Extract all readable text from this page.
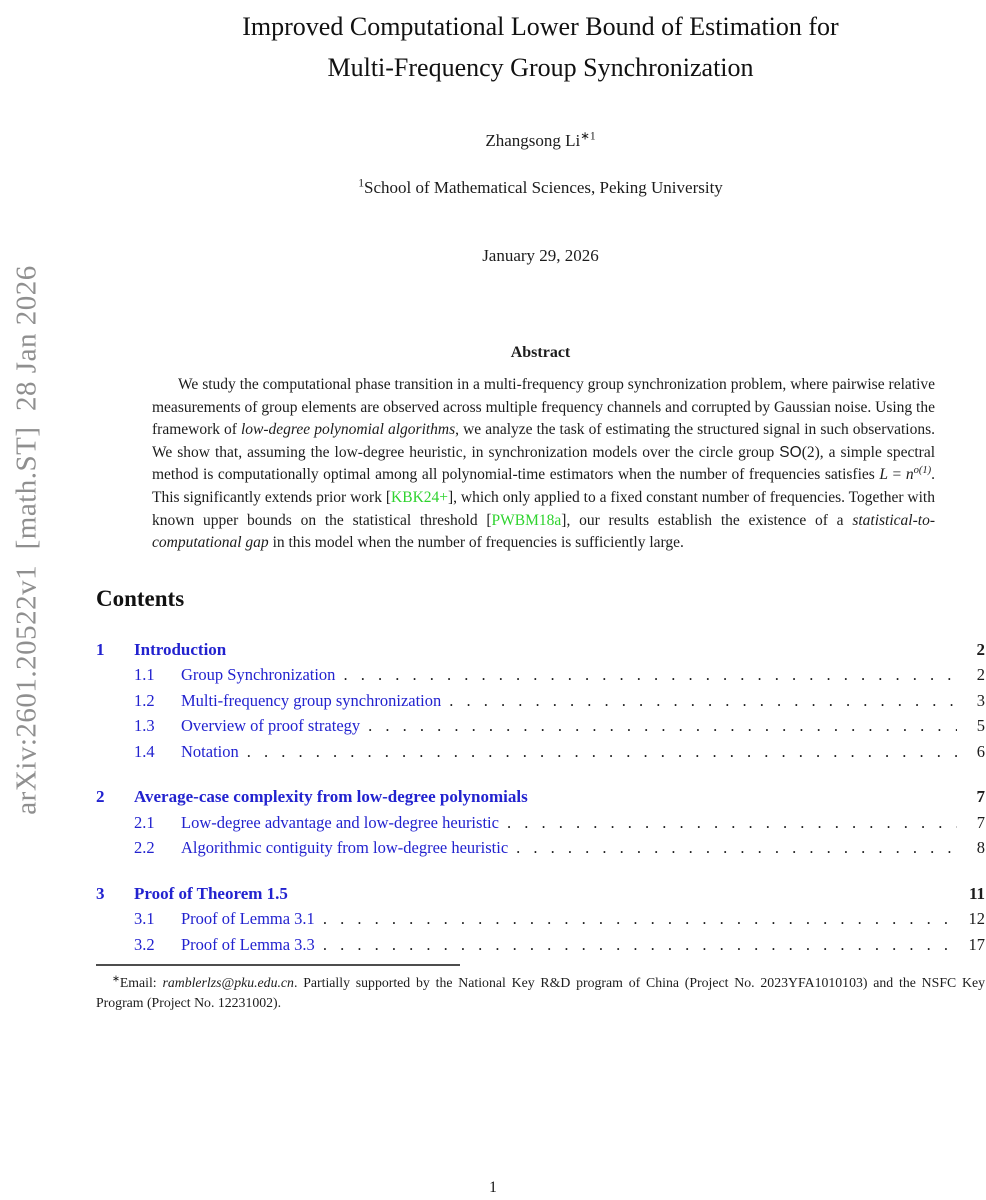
arXiv:2601.20522v1  [math.ST]  28 Jan 2026
Improved Computational Lower Bound of Estimation for
Multi-Frequency Group Synchronization
Zhangsong $Li^{∗1}$
$^1$School of Mathematical Sciences, Peking University
January 29, 2026
Abstract

We study the computational phase transition in a multi-frequency group synchronization problem, where pairwise relative measurements of group elements are observed across multiple frequency channels and corrupted by Gaussian noise. Using the framework of low-degree polynomial algorithms, we analyze the task of estimating the structured signal in such observations. We show that, assuming the low-degree heuristic, in synchronization models over the circle group SO(2), a simple spectral method is computationally optimal among all polynomial-time estimators when the number of frequencies satisfies $L = n^{o(1)}$. This significantly extends prior work [KBK24+], which only applied to a fixed constant number of frequencies. Together with known upper bounds on the statistical threshold [PWBM18a], our results establish the existence of a statistical-to-computational gap in this model when the number of frequencies is sufficiently large.

Contents
1	Introduction	2
1.1	Group Synchronization . . .	2
1.2	Multi-frequency group synchronization . . .	3
1.3	Overview of proof strategy . . .	5
1.4	Notation . . .	6
2	Average-case complexity from low-degree polynomials	7
2.1	Low-degree advantage and low-degree heuristic . . .	7
2.2	Algorithmic contiguity from low-degree heuristic . . .	8
3	Proof of Theorem 1.5	11
3.1	Proof of Lemma 3.1 . . .	12
3.2	Proof of Lemma 3.3 . . .	17

∗Email: ramblerlzs@pku.edu.cn. Partially supported by the National Key R&D program of China (Project No. 2023YFA1010103) and the NSFC Key Program (Project No. 12231002).

1
